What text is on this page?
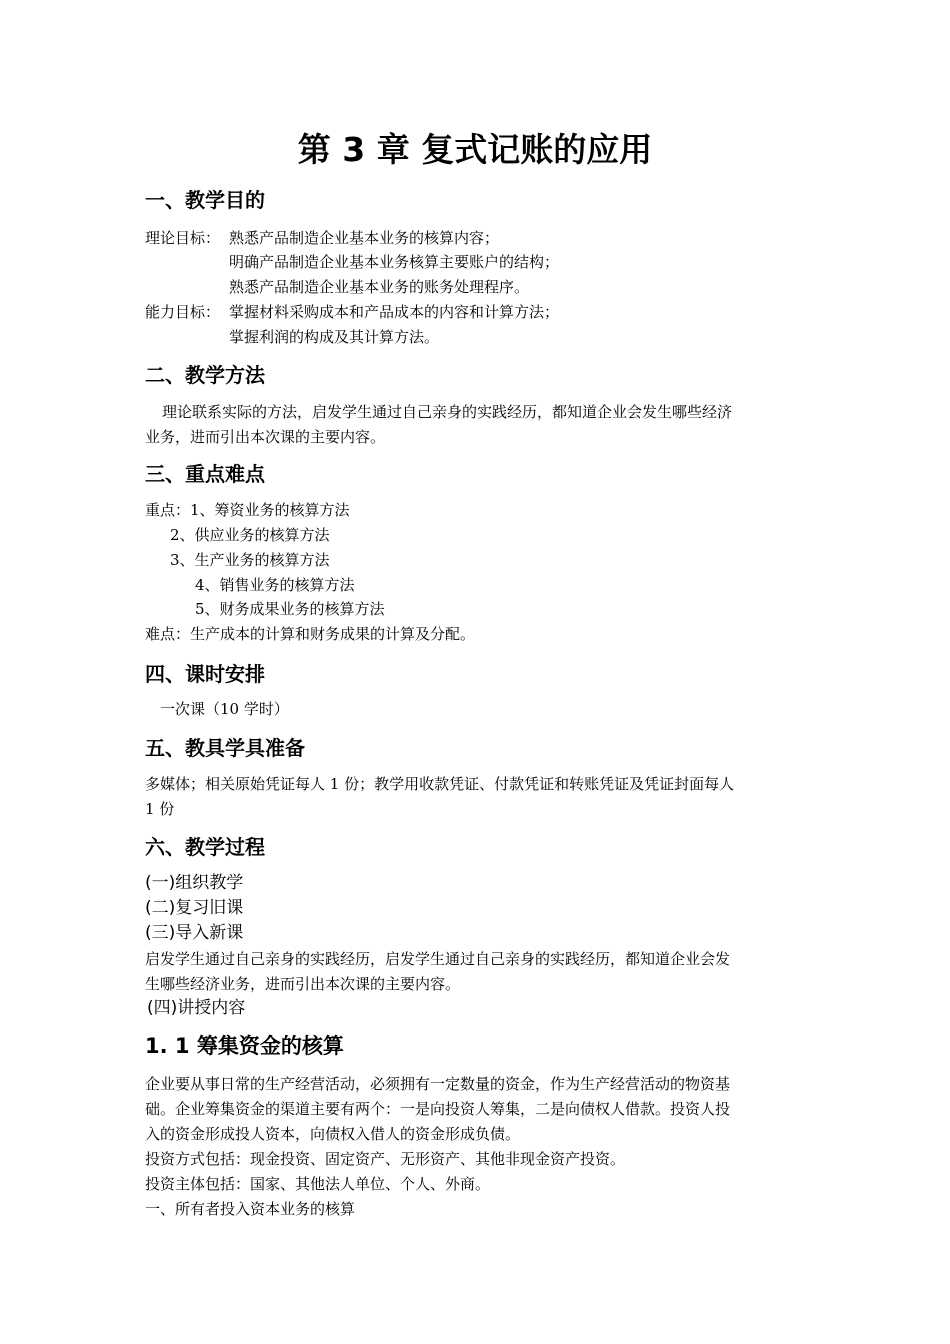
第 3 章 复式记账的应用
一、教学目的
理论目标： 熟悉产品制造企业基本业务的核算内容；
明确产品制造企业基本业务核算主要账户的结构；
熟悉产品制造企业基本业务的账务处理程序。
能力目标： 掌握材料采购成本和产品成本的内容和计算方法；
掌握利润的构成及其计算方法。
二、教学方法
理论联系实际的方法，启发学生通过自己亲身的实践经历，都知道企业会发生哪些经济
业务，进而引出本次课的主要内容。
三、重点难点
重点：1、筹资业务的核算方法
2、供应业务的核算方法
3、生产业务的核算方法
4、销售业务的核算方法
5、财务成果业务的核算方法
难点：生产成本的计算和财务成果的计算及分配。
四、课时安排
一次课（10 学时）
五、教具学具准备
多媒体；相关原始凭证每人 1 份；教学用收款凭证、付款凭证和转账凭证及凭证封面每人
1 份
六、教学过程
(一)组织教学
(二)复习旧课
(三)导入新课
启发学生通过自己亲身的实践经历，启发学生通过自己亲身的实践经历，都知道企业会发
生哪些经济业务，进而引出本次课的主要内容。
(四)讲授内容
1. 1 筹集资金的核算
企业要从事日常的生产经营活动，必须拥有一定数量的资金，作为生产经营活动的物资基
础。企业筹集资金的渠道主要有两个：一是向投资人筹集，二是向债权人借款。投资人投
入的资金形成投人资本，向债权入借人的资金形成负债。
投资方式包括：现金投资、固定资产、无形资产、其他非现金资产投资。
投资主体包括：国家、其他法人单位、个人、外商。
一、所有者投入资本业务的核算
